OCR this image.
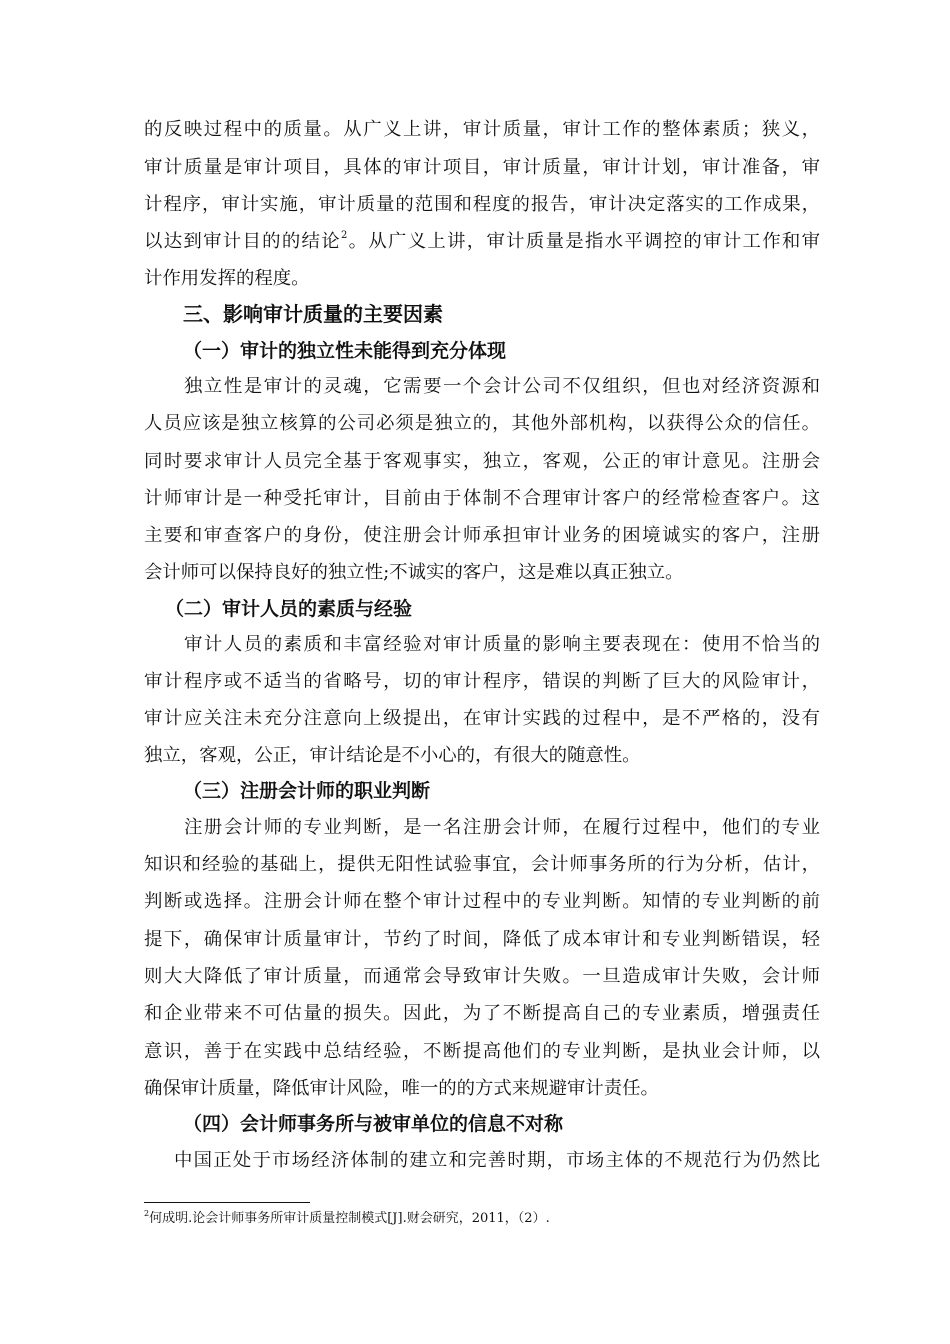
的反映过程中的质量。从广义上讲，审计质量，审计工作的整体素质；狭义，
审计质量是审计项目，具体的审计项目，审计质量，审计计划，审计准备，审
计程序，审计实施，审计质量的范围和程度的报告，审计决定落实的工作成果，
以达到审计目的的结论$^2$。从广义上讲，审计质量是指水平调控的审计工作和审
计作用发挥的程度。
三、影响审计质量的主要因素
（一）审计的独立性未能得到充分体现
独立性是审计的灵魂，它需要一个会计公司不仅组织，但也对经济资源和
人员应该是独立核算的公司必须是独立的，其他外部机构，以获得公众的信任。
同时要求审计人员完全基于客观事实，独立，客观，公正的审计意见。注册会
计师审计是一种受托审计，目前由于体制不合理审计客户的经常检查客户。这
主要和审查客户的身份，使注册会计师承担审计业务的困境诚实的客户，注册
会计师可以保持良好的独立性;不诚实的客户，这是难以真正独立。
（二）审计人员的素质与经验
审计人员的素质和丰富经验对审计质量的影响主要表现在：使用不恰当的
审计程序或不适当的省略号，切的审计程序，错误的判断了巨大的风险审计，
审计应关注未充分注意向上级提出，在审计实践的过程中，是不严格的，没有
独立，客观，公正，审计结论是不小心的，有很大的随意性。
（三）注册会计师的职业判断
注册会计师的专业判断，是一名注册会计师，在履行过程中，他们的专业
知识和经验的基础上，提供无阳性试验事宜，会计师事务所的行为分析，估计，
判断或选择。注册会计师在整个审计过程中的专业判断。知情的专业判断的前
提下，确保审计质量审计，节约了时间，降低了成本审计和专业判断错误，轻
则大大降低了审计质量，而通常会导致审计失败。一旦造成审计失败，会计师
和企业带来不可估量的损失。因此，为了不断提高自己的专业素质，增强责任
意识，善于在实践中总结经验，不断提高他们的专业判断，是执业会计师，以
确保审计质量，降低审计风险，唯一的的方式来规避审计责任。
（四）会计师事务所与被审单位的信息不对称
中国正处于市场经济体制的建立和完善时期，市场主体的不规范行为仍然比
$^2$何成明.论会计师事务所审计质量控制模式[J].财会研究，2011，（2）.
